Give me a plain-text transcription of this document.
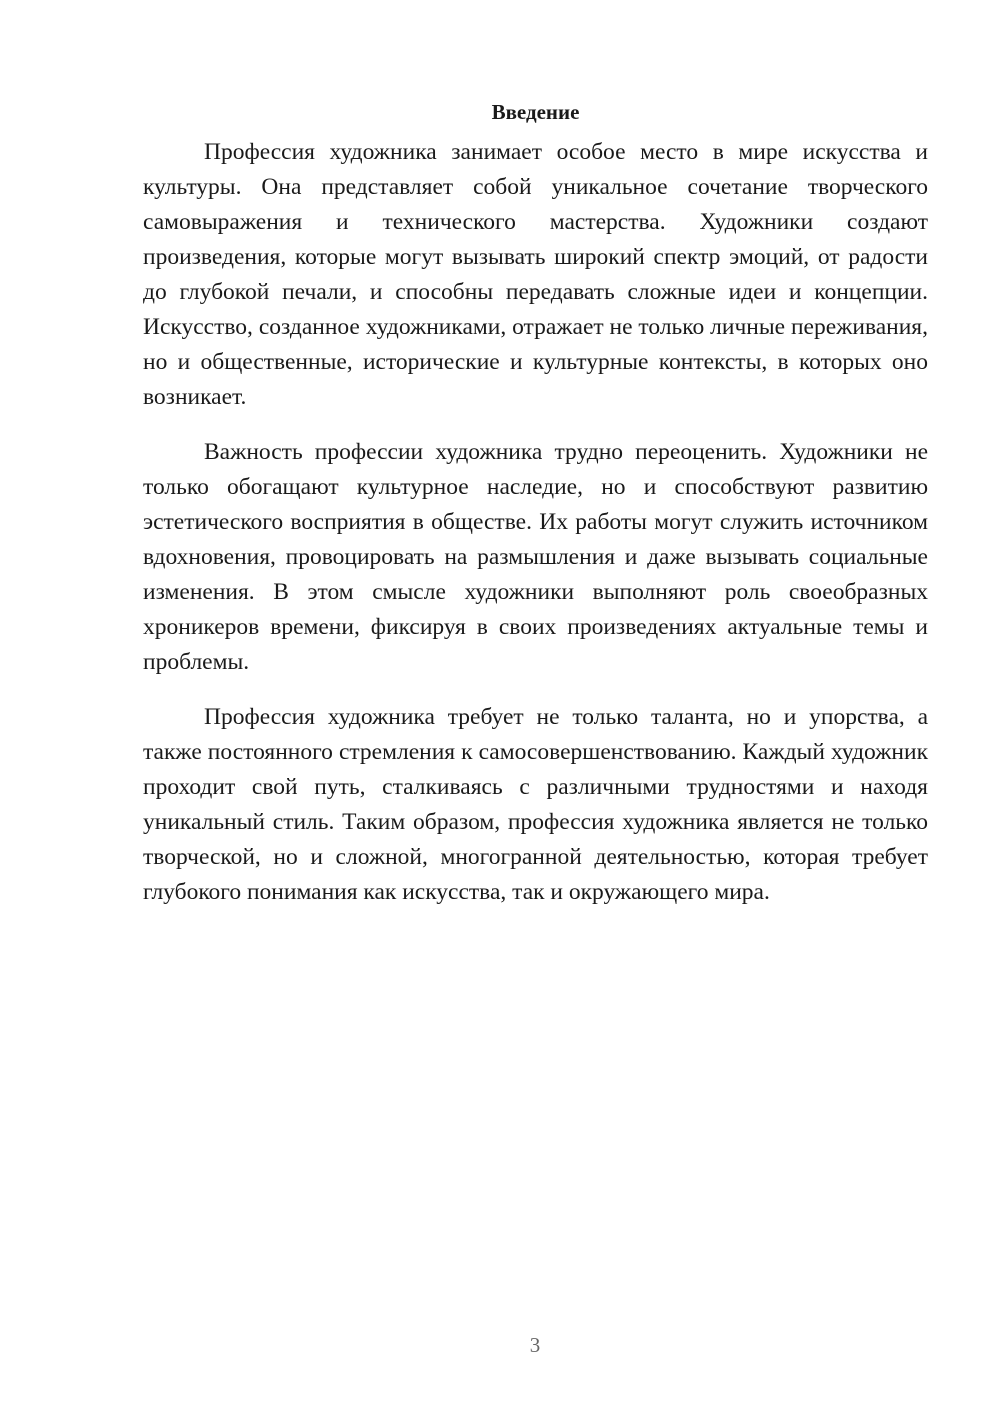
Введение

Профессия художника занимает особое место в мире искусства и культуры. Она представляет собой уникальное сочетание творческого самовыражения и технического мастерства. Художники создают произведения, которые могут вызывать широкий спектр эмоций, от радости до глубокой печали, и способны передавать сложные идеи и концепции. Искусство, созданное художниками, отражает не только личные переживания, но и общественные, исторические и культурные контексты, в которых оно возникает.

Важность профессии художника трудно переоценить. Художники не только обогащают культурное наследие, но и способствуют развитию эстетического восприятия в обществе. Их работы могут служить источником вдохновения, провоцировать на размышления и даже вызывать социальные изменения. В этом смысле художники выполняют роль своеобразных хроникеров времени, фиксируя в своих произведениях актуальные темы и проблемы.

Профессия художника требует не только таланта, но и упорства, а также постоянного стремления к самосовершенствованию. Каждый художник проходит свой путь, сталкиваясь с различными трудностями и находя уникальный стиль. Таким образом, профессия художника является не только творческой, но и сложной, многогранной деятельностью, которая требует глубокого понимания как искусства, так и окружающего мира.

3
